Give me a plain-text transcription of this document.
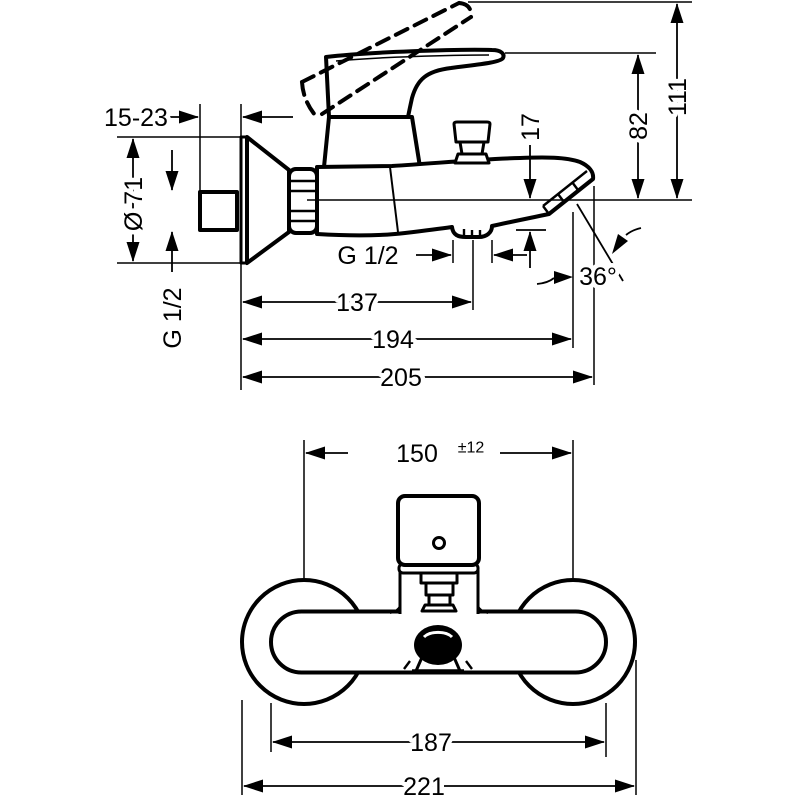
15-23
Ø 71
G 1/2
G 1/2
17	82
111
137
194
205
36°
150 ±12
187
221
